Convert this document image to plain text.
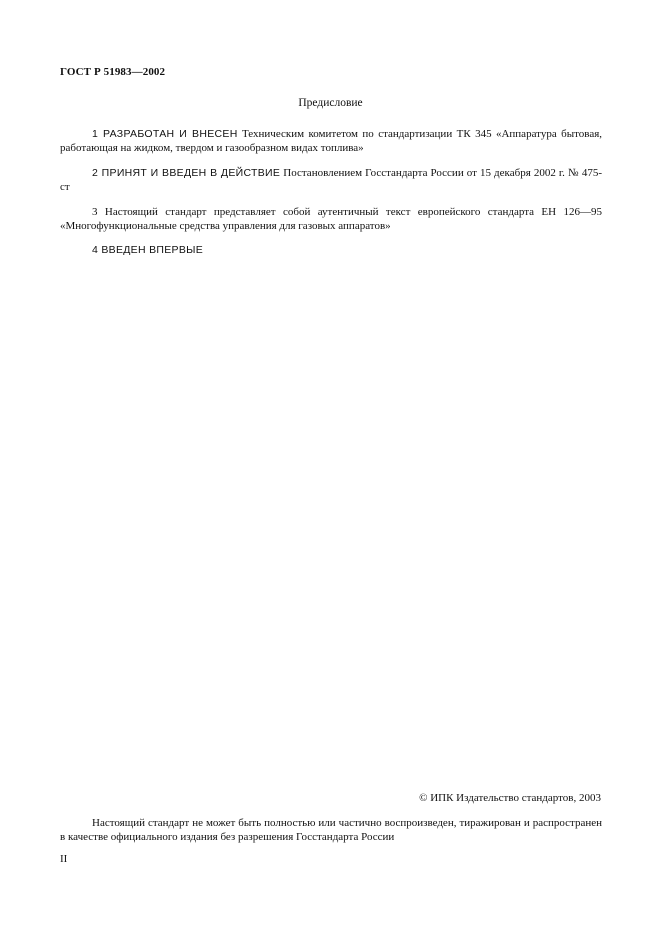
ГОСТ Р 51983—2002
Предисловие

1 РАЗРАБОТАН И ВНЕСЕН Техническим комитетом по стандартизации ТК 345 «Аппаратура бытовая, работающая на жидком, твердом и газообразном видах топлива»

2 ПРИНЯТ И ВВЕДЕН В ДЕЙСТВИЕ Постановлением Госстандарта России от 15 декабря 2002 г. № 475-ст

3 Настоящий стандарт представляет собой аутентичный текст европейского стандарта ЕН 126—95 «Многофункциональные средства управления для газовых аппаратов»

4 ВВЕДЕН ВПЕРВЫЕ

© ИПК Издательство стандартов, 2003

Настоящий стандарт не может быть полностью или частично воспроизведен, тиражирован и распространен в качестве официального издания без разрешения Госстандарта России

II
